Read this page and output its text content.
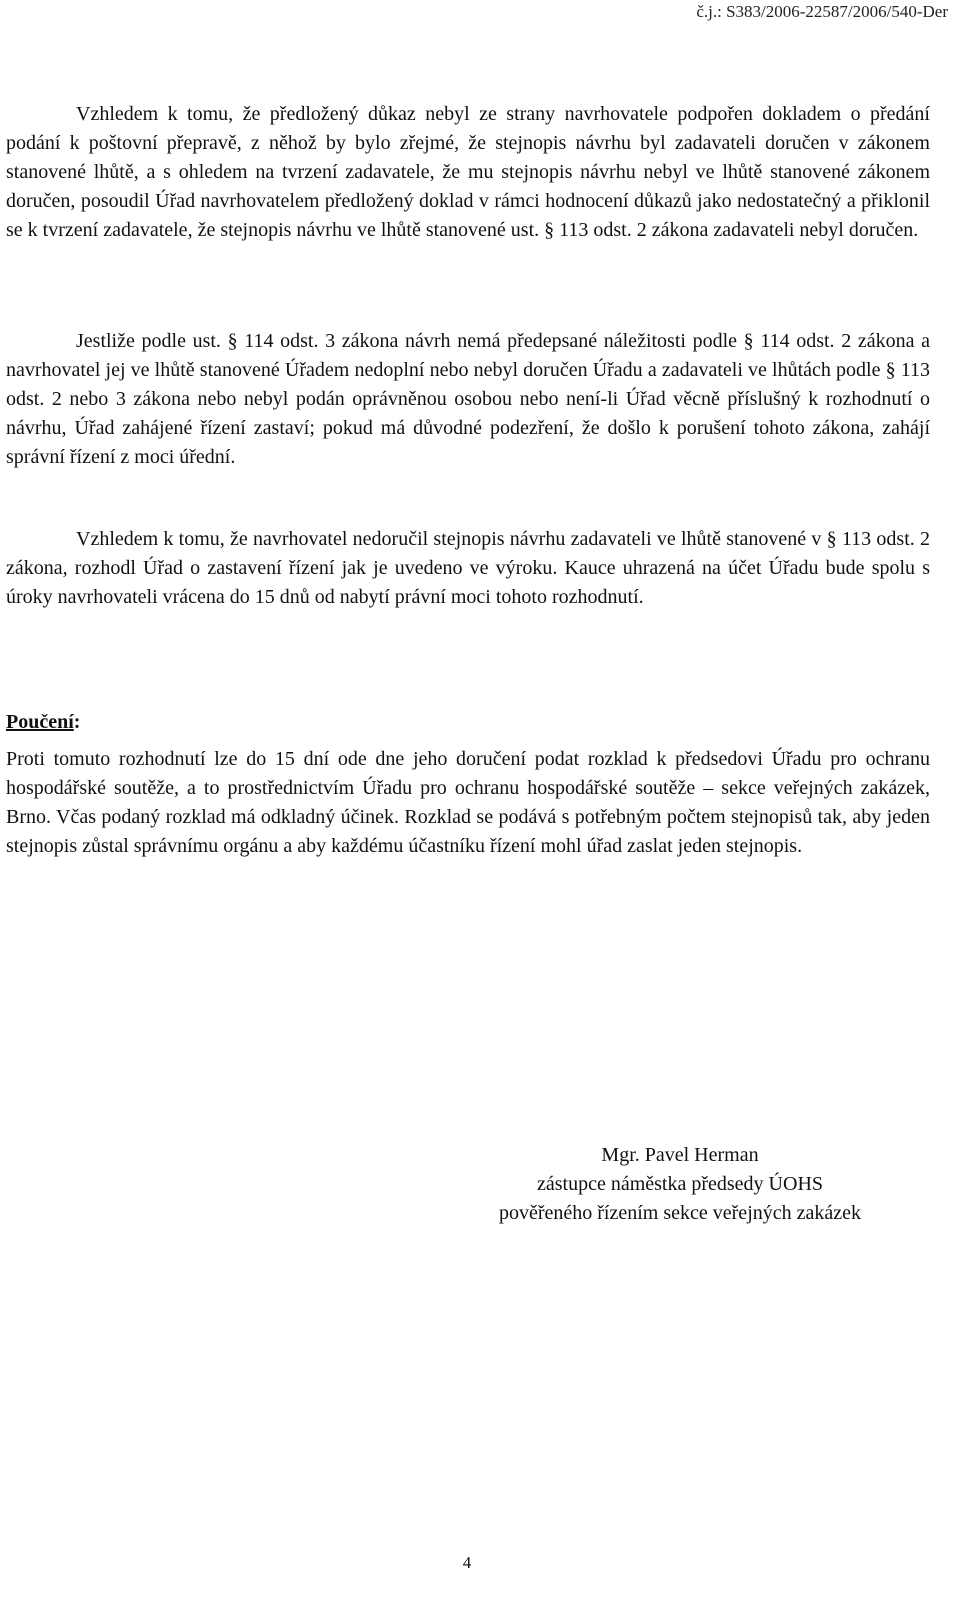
č.j.: S383/2006-22587/2006/540-Der
Vzhledem k tomu, že předložený důkaz nebyl ze strany navrhovatele podpořen dokladem o předání podání k poštovní přepravě, z něhož by bylo zřejmé, že stejnopis návrhu byl zadavateli doručen v zákonem stanovené lhůtě, a s ohledem na tvrzení zadavatele, že mu stejnopis návrhu nebyl ve lhůtě stanovené zákonem doručen, posoudil Úřad navrhovatelem předložený doklad v rámci hodnocení důkazů jako nedostatečný a přiklonil se k tvrzení zadavatele, že stejnopis návrhu ve lhůtě stanovené ust. § 113 odst. 2 zákona zadavateli nebyl doručen.
Jestliže podle ust. § 114 odst. 3 zákona návrh nemá předepsané náležitosti podle § 114 odst. 2 zákona a navrhovatel jej ve lhůtě stanovené Úřadem nedoplní nebo nebyl doručen Úřadu a zadavateli ve lhůtách podle § 113 odst. 2 nebo 3 zákona nebo nebyl podán oprávněnou osobou nebo není-li Úřad věcně příslušný k rozhodnutí o návrhu, Úřad zahájené řízení zastaví; pokud má důvodné podezření, že došlo k porušení tohoto zákona, zahájí správní řízení z moci úřední.
Vzhledem k tomu, že navrhovatel nedoručil stejnopis návrhu zadavateli ve lhůtě stanovené v § 113 odst. 2 zákona, rozhodl Úřad o zastavení řízení jak je uvedeno ve výroku. Kauce uhrazená na účet Úřadu bude spolu s úroky navrhovateli vrácena do 15 dnů od nabytí právní moci tohoto rozhodnutí.
Poučení:
Proti tomuto rozhodnutí lze do 15 dní ode dne jeho doručení podat rozklad k předsedovi Úřadu pro ochranu hospodářské soutěže, a to prostřednictvím Úřadu pro ochranu hospodářské soutěže – sekce veřejných zakázek, Brno. Včas podaný rozklad má odkladný účinek. Rozklad se podává s potřebným počtem stejnopisů tak, aby jeden stejnopis zůstal správnímu orgánu a aby každému účastníku řízení mohl úřad zaslat jeden stejnopis.
Mgr. Pavel Herman
zástupce náměstka předsedy ÚOHS
pověřeného řízením sekce veřejných zakázek
4
